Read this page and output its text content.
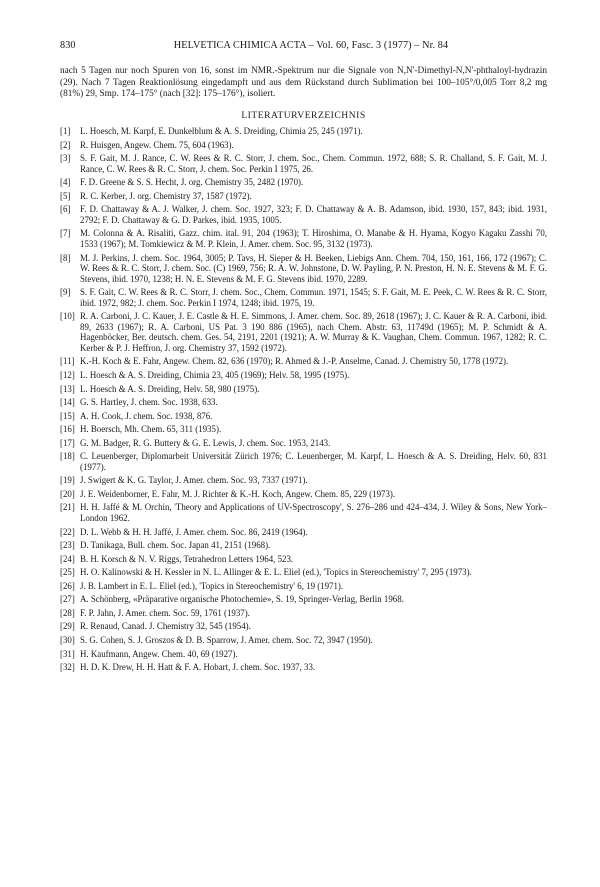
830	HELVETICA CHIMICA ACTA – Vol. 60, Fasc. 3 (1977) – Nr. 84

nach 5 Tagen nur noch Spuren von 16, sonst im NMR.-Spektrum nur die Signale von N,N'-Dimethyl-N,N'-phthaloyl-hydrazin (29). Nach 7 Tagen Reaktionlösung eingedampft und aus dem Rückstand durch Sublimation bei 100–105°/0,005 Torr 8,2 mg (81%) 29, Smp. 174–175° (nach [32]: 175–176°), isoliert.

LITERATURVERZEICHNIS
[1]	L. Hoesch, M. Karpf, E. Dunkelblum & A. S. Dreiding, Chimia 25, 245 (1971).
[2]	R. Huisgen, Angew. Chem. 75, 604 (1963).
[3]	S. F. Gait, M. J. Rance, C. W. Rees & R. C. Storr, J. chem. Soc., Chem. Commun. 1972, 688; S. R. Challand, S. F. Gait, M. J. Rance, C. W. Rees & R. C. Storr, J. chem. Soc. Perkin I 1975, 26.
[4]	F. D. Greene & S. S. Hecht, J. org. Chemistry 35, 2482 (1970).
[5]	R. C. Kerber, J. org. Chemistry 37, 1587 (1972).
[6]	F. D. Chattaway & A. J. Walker, J. chem. Soc. 1927, 323; F. D. Chattaway & A. B. Adamson, ibid. 1930, 157, 843; ibid. 1931, 2792; F. D. Chattaway & G. D. Parkes, ibid. 1935, 1005.
[7]	M. Colonna & A. Risaliti, Gazz. chim. ital. 91, 204 (1963); T. Hiroshima, O. Manabe & H. Hyama, Kogyo Kagaku Zasshi 70, 1533 (1967); M. Tomkiewicz & M. P. Klein, J. Amer. chem. Soc. 95, 3132 (1973).
[8]	M. J. Perkins, J. chem. Soc. 1964, 3005; P. Tavs, H. Sieper & H. Beeken, Liebigs Ann. Chem. 704, 150, 161, 166, 172 (1967); C. W. Rees & R. C. Storr, J. chem. Soc. (C) 1969, 756; R. A. W. Johnstone, D. W. Payling, P. N. Preston, H. N. E. Stevens & M. F. G. Stevens, ibid. 1970, 1238; H. N. E. Stevens & M. F. G. Stevens ibid. 1970, 2289.
[9]	S. F. Gait, C. W. Rees & R. C. Storr, J. chem. Soc., Chem. Commun. 1971, 1545; S. F. Gait, M. E. Peek, C. W. Rees & R. C. Storr, ibid. 1972, 982; J. chem. Soc. Perkin I 1974, 1248; ibid. 1975, 19.
[10] R. A. Carboni, J. C. Kauer, J. E. Castle & H. E. Simmons, J. Amer. chem. Soc. 89, 2618 (1967); J. C. Kauer & R. A. Carboni, ibid. 89, 2633 (1967); R. A. Carboni, US Pat. 3 190 886 (1965), nach Chem. Abstr. 63, 11749d (1965); M. P. Schmidt & A. Hagenböcker, Ber. deutsch. chem. Ges. 54, 2191, 2201 (1921); A. W. Murray & K. Vaughan, Chem. Commun. 1967, 1282; R. C. Kerber & P. J. Heffron, J. org. Chemistry 37, 1592 (1972).
[11] K.-H. Koch & E. Fahr, Angew. Chem. 82, 636 (1970); R. Ahmed & J.-P. Anselme, Canad. J. Chemistry 50, 1778 (1972).
[12] L. Hoesch & A. S. Dreiding, Chimia 23, 405 (1969); Helv. 58, 1995 (1975).
[13] L. Hoesch & A. S. Dreiding, Helv. 58, 980 (1975).
[14] G. S. Hartley, J. chem. Soc. 1938, 633.
[15] A. H. Cook, J. chem. Soc. 1938, 876.
[16] H. Boersch, Mh. Chem. 65, 311 (1935).
[17] G. M. Badger, R. G. Buttery & G. E. Lewis, J. chem. Soc. 1953, 2143.
[18] C. Leuenberger, Diplomarbeit Universität Zürich 1976; C. Leuenberger, M. Karpf, L. Hoesch & A. S. Dreiding, Helv. 60, 831 (1977).
[19] J. Swigert & K. G. Taylor, J. Amer. chem. Soc. 93, 7337 (1971).
[20] J. E. Weidenborner, E. Fahr, M. J. Richter & K.-H. Koch, Angew. Chem. 85, 229 (1973).
[21] H. H. Jaffé & M. Orchin, 'Theory and Applications of UV-Spectroscopy', S. 276–286 und 424–434, J. Wiley & Sons, New York–London 1962.
[22] D. L. Webb & H. H. Jaffé, J. Amer. chem. Soc. 86, 2419 (1964).
[23] D. Tanikaga, Bull. chem. Soc. Japan 41, 2151 (1968).
[24] B. H. Korsch & N. V. Riggs, Tetrahedron Letters 1964, 523.
[25] H. O. Kalinowski & H. Kessler in N. L. Allinger & E. L. Eliel (ed.), 'Topics in Stereochemistry' 7, 295 (1973).
[26] J. B. Lambert in E. L. Eliel (ed.), 'Topics in Stereochemistry' 6, 19 (1971).
[27] A. Schönberg, «Präparative organische Photochemie», S. 19, Springer-Verlag, Berlin 1968.
[28] F. P. Jahn, J. Amer. chem. Soc. 59, 1761 (1937).
[29] R. Renaud, Canad. J. Chemistry 32, 545 (1954).
[30] S. G. Cohen, S. J. Groszos & D. B. Sparrow, J. Amer. chem. Soc. 72, 3947 (1950).
[31] H. Kaufmann, Angew. Chem. 40, 69 (1927).
[32] H. D. K. Drew, H. H. Hatt & F. A. Hobart, J. chem. Soc. 1937, 33.
